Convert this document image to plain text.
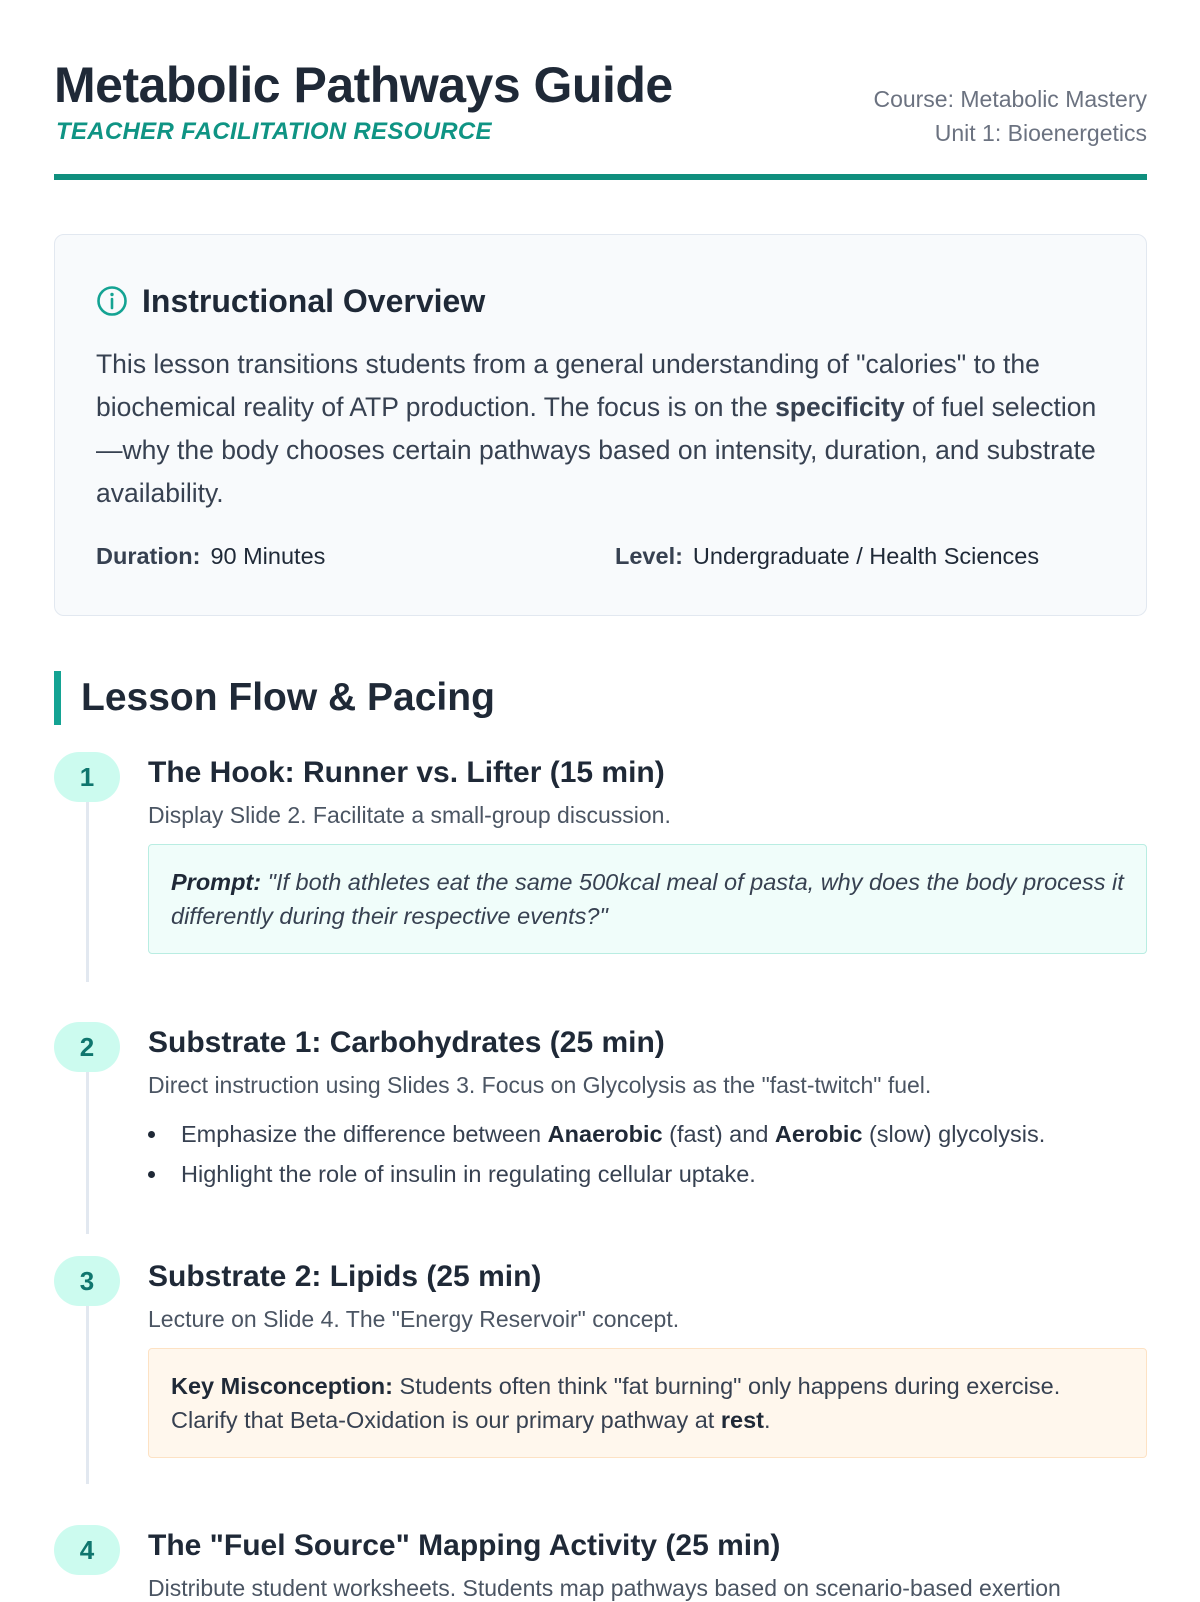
Metabolic Pathways Guide
TEACHER FACILITATION RESOURCE
Course: Metabolic Mastery
Unit 1: Bioenergetics
Instructional Overview
This lesson transitions students from a general understanding of "calories" to the biochemical reality of ATP production. The focus is on the specificity of fuel selection—why the body chooses certain pathways based on intensity, duration, and substrate availability.
Duration: 90 Minutes	Level: Undergraduate / Health Sciences
Lesson Flow & Pacing
1	The Hook: Runner vs. Lifter (15 min)
Display Slide 2. Facilitate a small-group discussion.
Prompt: "If both athletes eat the same 500kcal meal of pasta, why does the body process it differently during their respective events?"
2	Substrate 1: Carbohydrates (25 min)
Direct instruction using Slides 3. Focus on Glycolysis as the "fast-twitch" fuel.
Emphasize the difference between Anaerobic (fast) and Aerobic (slow) glycolysis.
Highlight the role of insulin in regulating cellular uptake.
3	Substrate 2: Lipids (25 min)
Lecture on Slide 4. The "Energy Reservoir" concept.
Key Misconception: Students often think "fat burning" only happens during exercise. Clarify that Beta-Oxidation is our primary pathway at rest.
4	The "Fuel Source" Mapping Activity (25 min)
Distribute student worksheets. Students map pathways based on scenario-based exertion
